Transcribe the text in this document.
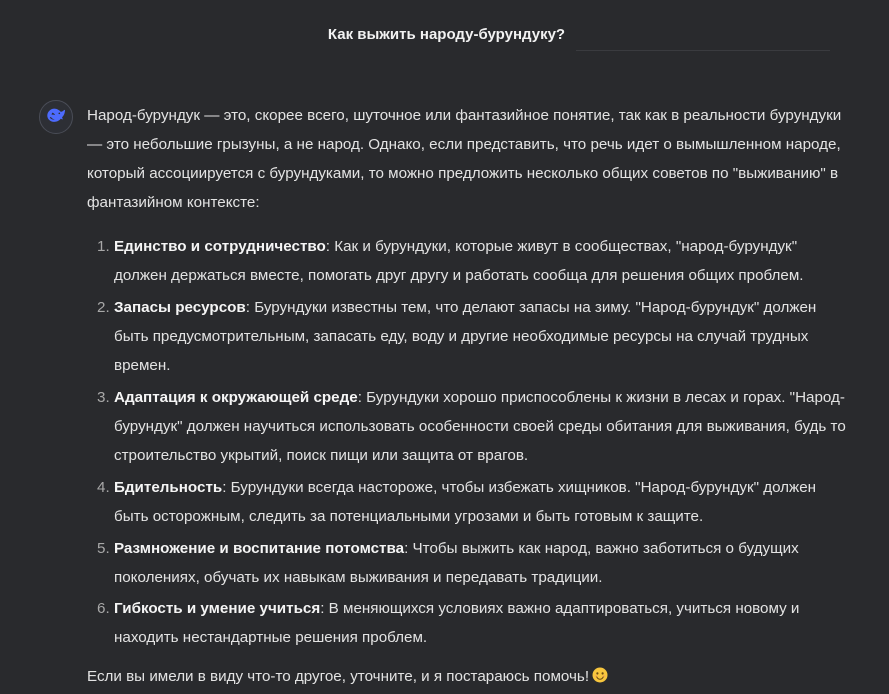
Как выжить народу-бурундуку?

Народ-бурундук — это, скорее всего, шуточное или фантазийное понятие, так как в реальности бурундуки — это небольшие грызуны, а не народ. Однако, если представить, что речь идет о вымышленном народе, который ассоциируется с бурундуками, то можно предложить несколько общих советов по "выживанию" в фантазийном контексте:

1. Единство и сотрудничество: Как и бурундуки, которые живут в сообществах, "народ-бурундук" должен держаться вместе, помогать друг другу и работать сообща для решения общих проблем.
2. Запасы ресурсов: Бурундуки известны тем, что делают запасы на зиму. "Народ-бурундук" должен быть предусмотрительным, запасать еду, воду и другие необходимые ресурсы на случай трудных времен.
3. Адаптация к окружающей среде: Бурундуки хорошо приспособлены к жизни в лесах и горах. "Народ-бурундук" должен научиться использовать особенности своей среды обитания для выживания, будь то строительство укрытий, поиск пищи или защита от врагов.
4. Бдительность: Бурундуки всегда настороже, чтобы избежать хищников. "Народ-бурундук" должен быть осторожным, следить за потенциальными угрозами и быть готовым к защите.
5. Размножение и воспитание потомства: Чтобы выжить как народ, важно заботиться о будущих поколениях, обучать их навыкам выживания и передавать традиции.
6. Гибкость и умение учиться: В меняющихся условиях важно адаптироваться, учиться новому и находить нестандартные решения проблем.

Если вы имели в виду что-то другое, уточните, и я постараюсь помочь!
